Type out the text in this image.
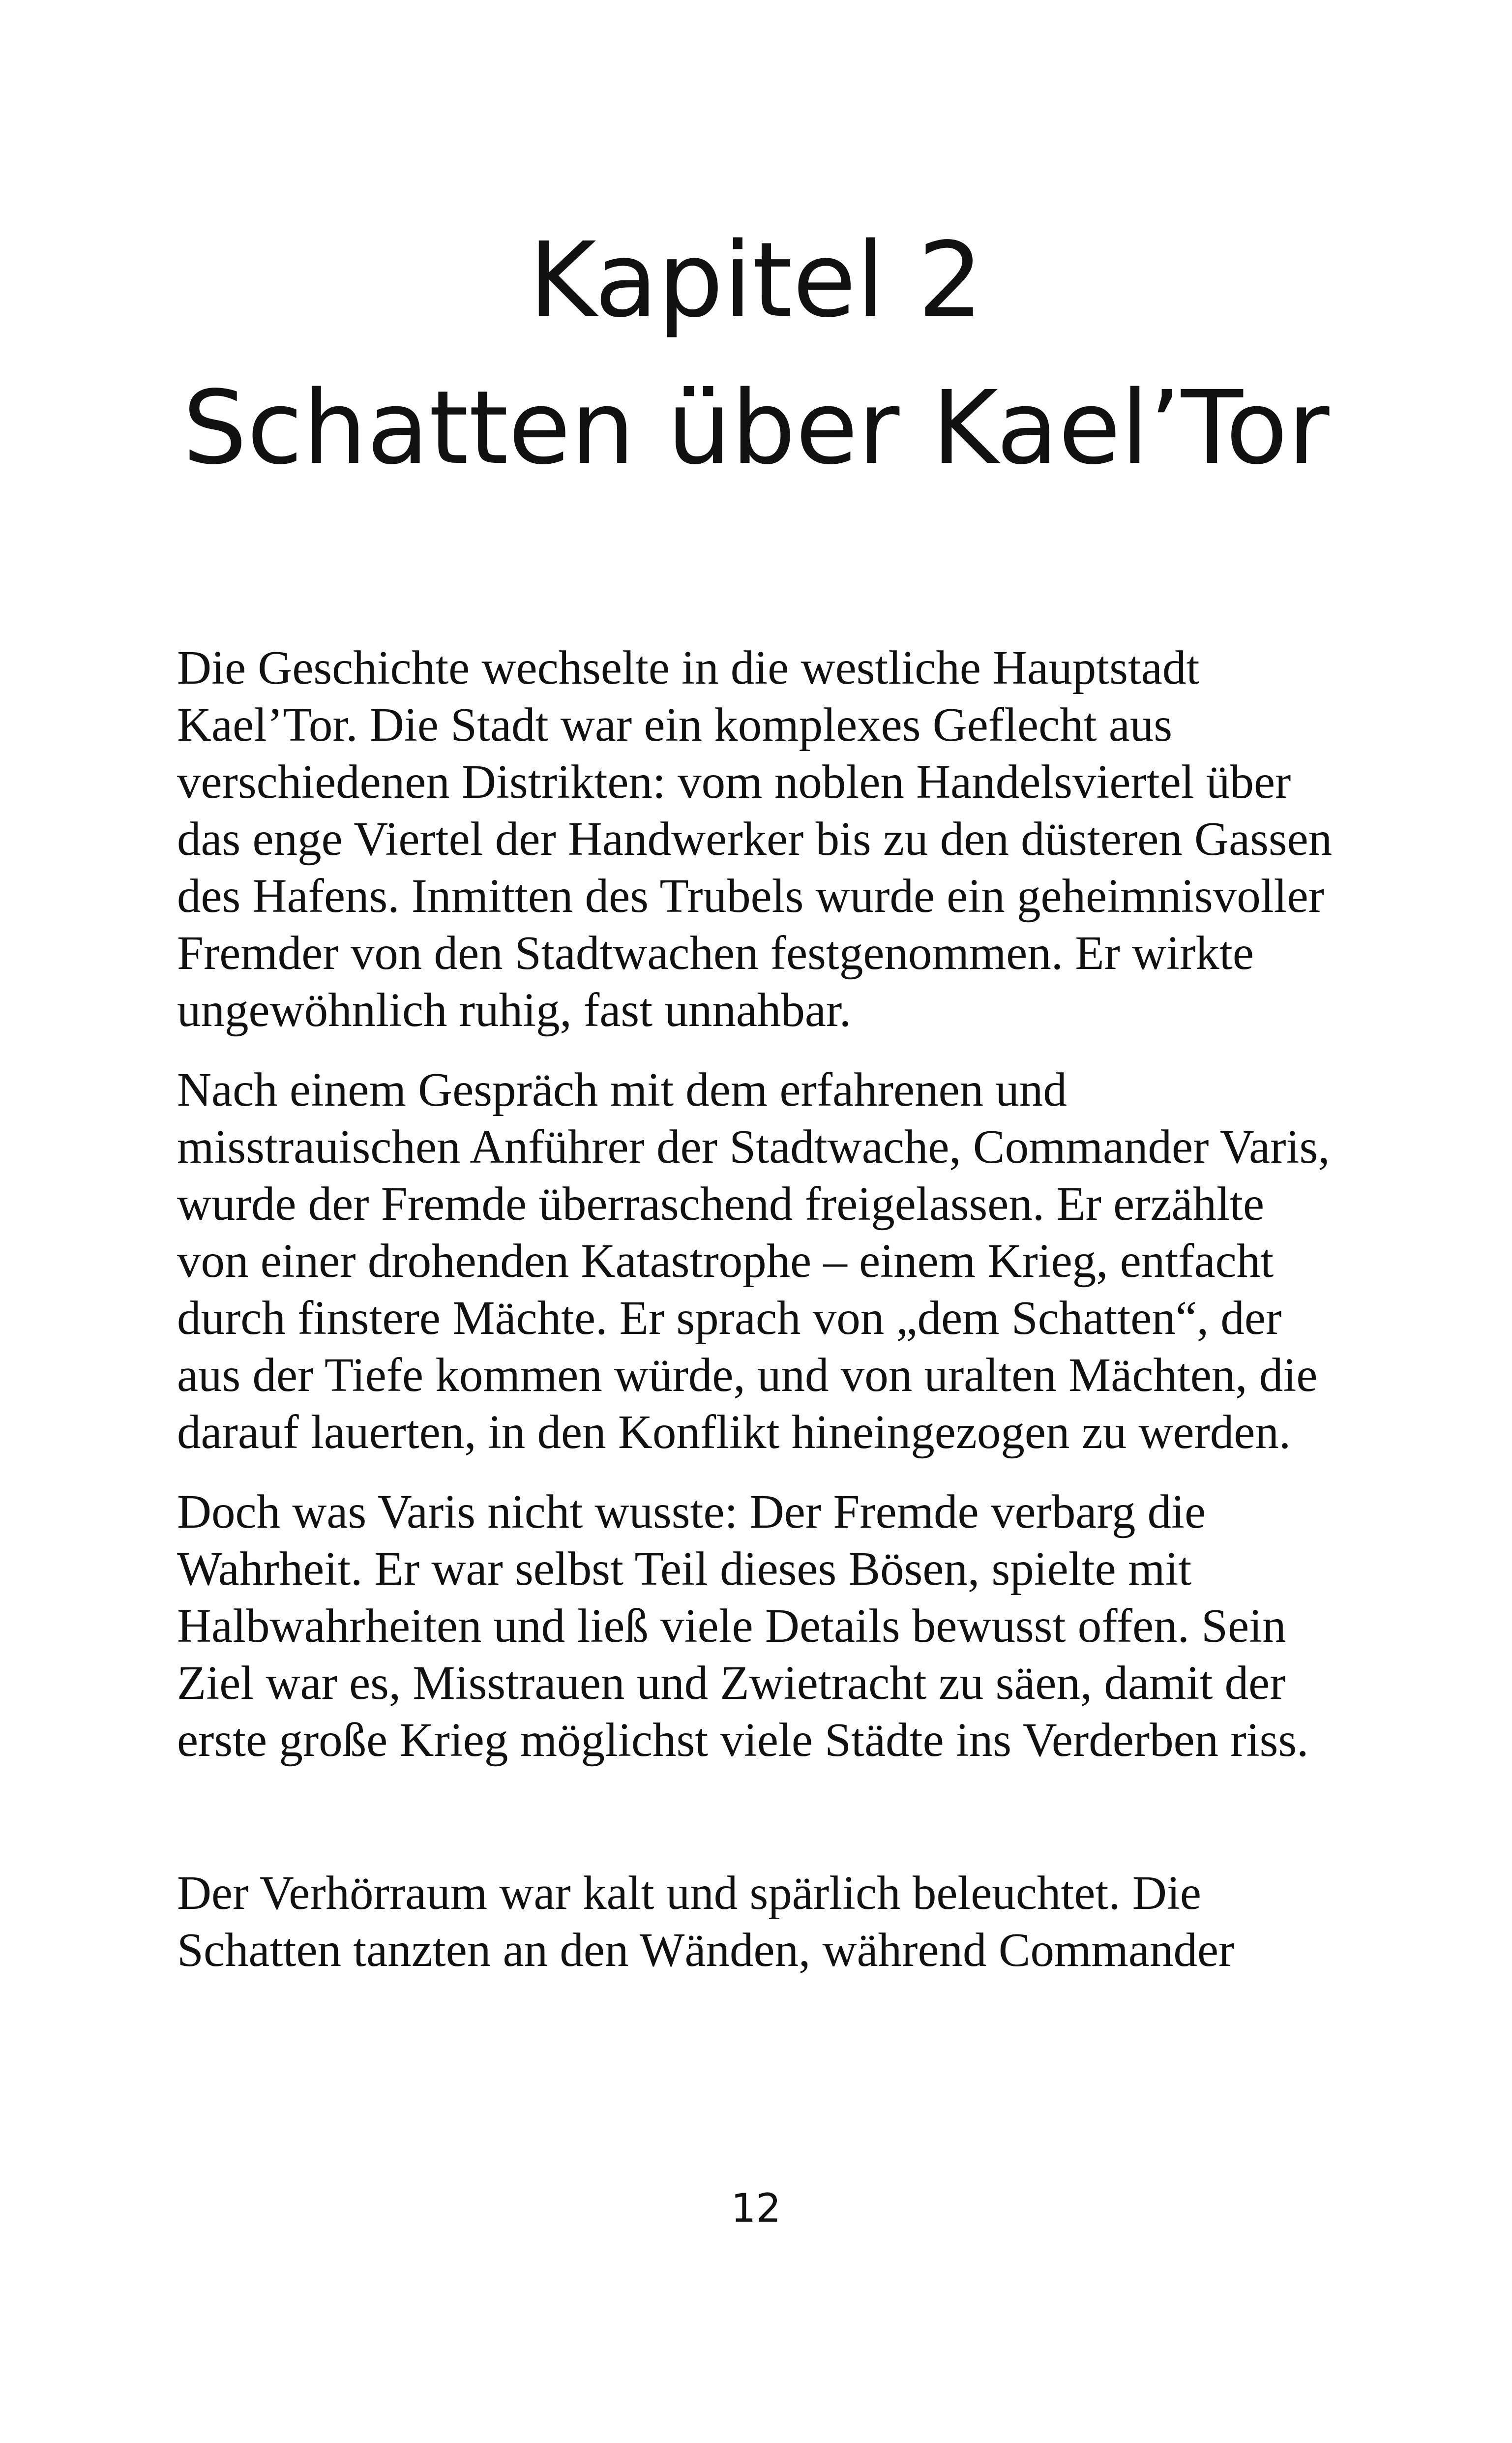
Kapitel 2
Schatten über Kael’Tor

Die Geschichte wechselte in die westliche Hauptstadt Kael’Tor. Die Stadt war ein komplexes Geflecht aus verschiedenen Distrikten: vom noblen Handelsviertel über das enge Viertel der Handwerker bis zu den düsteren Gassen des Hafens. Inmitten des Trubels wurde ein geheimnisvoller Fremder von den Stadtwachen festgenommen. Er wirkte ungewöhnlich ruhig, fast unnahbar.

Nach einem Gespräch mit dem erfahrenen und misstrauischen Anführer der Stadtwache, Commander Varis, wurde der Fremde überraschend freigelassen. Er erzählte von einer drohenden Katastrophe – einem Krieg, entfacht durch finstere Mächte. Er sprach von „dem Schatten“, der aus der Tiefe kommen würde, und von uralten Mächten, die darauf lauerten, in den Konflikt hineingezogen zu werden.

Doch was Varis nicht wusste: Der Fremde verbarg die Wahrheit. Er war selbst Teil dieses Bösen, spielte mit Halbwahrheiten und ließ viele Details bewusst offen. Sein Ziel war es, Misstrauen und Zwietracht zu säen, damit der erste große Krieg möglichst viele Städte ins Verderben riss.

Der Verhörraum war kalt und spärlich beleuchtet. Die Schatten tanzten an den Wänden, während Commander

12
